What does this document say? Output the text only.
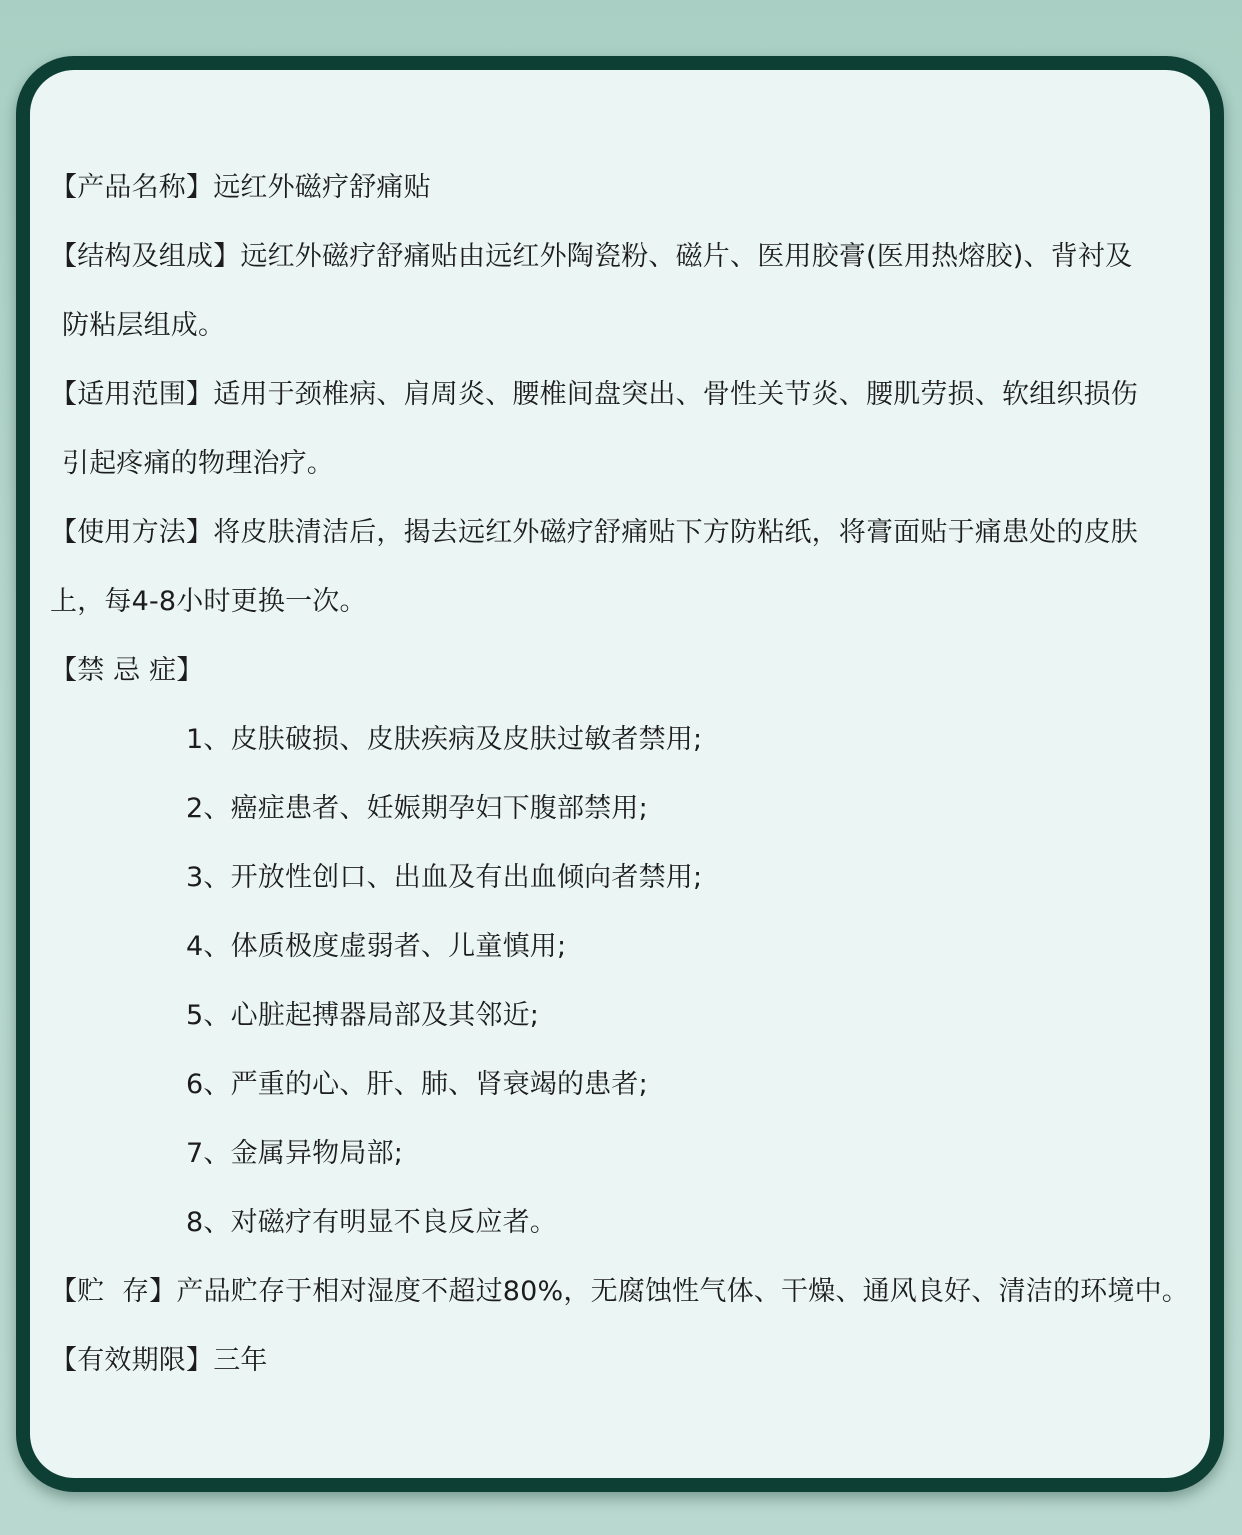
【产品名称】远红外磁疗舒痛贴
【结构及组成】远红外磁疗舒痛贴由远红外陶瓷粉、磁片、医用胶膏(医用热熔胶)、背衬及
防粘层组成。
【适用范围】适用于颈椎病、肩周炎、腰椎间盘突出、骨性关节炎、腰肌劳损、软组织损伤
引起疼痛的物理治疗。
【使用方法】将皮肤清洁后，揭去远红外磁疗舒痛贴下方防粘纸，将膏面贴于痛患处的皮肤
上，每4-8小时更换一次。
【禁 忌 症】
1、皮肤破损、皮肤疾病及皮肤过敏者禁用;
2、癌症患者、妊娠期孕妇下腹部禁用;
3、开放性创口、出血及有出血倾向者禁用;
4、体质极度虚弱者、儿童慎用;
5、心脏起搏器局部及其邻近;
6、严重的心、肝、肺、肾衰竭的患者;
7、金属异物局部;
8、对磁疗有明显不良反应者。
【贮  存】产品贮存于相对湿度不超过80%，无腐蚀性气体、干燥、通风良好、清洁的环境中。
【有效期限】三年
